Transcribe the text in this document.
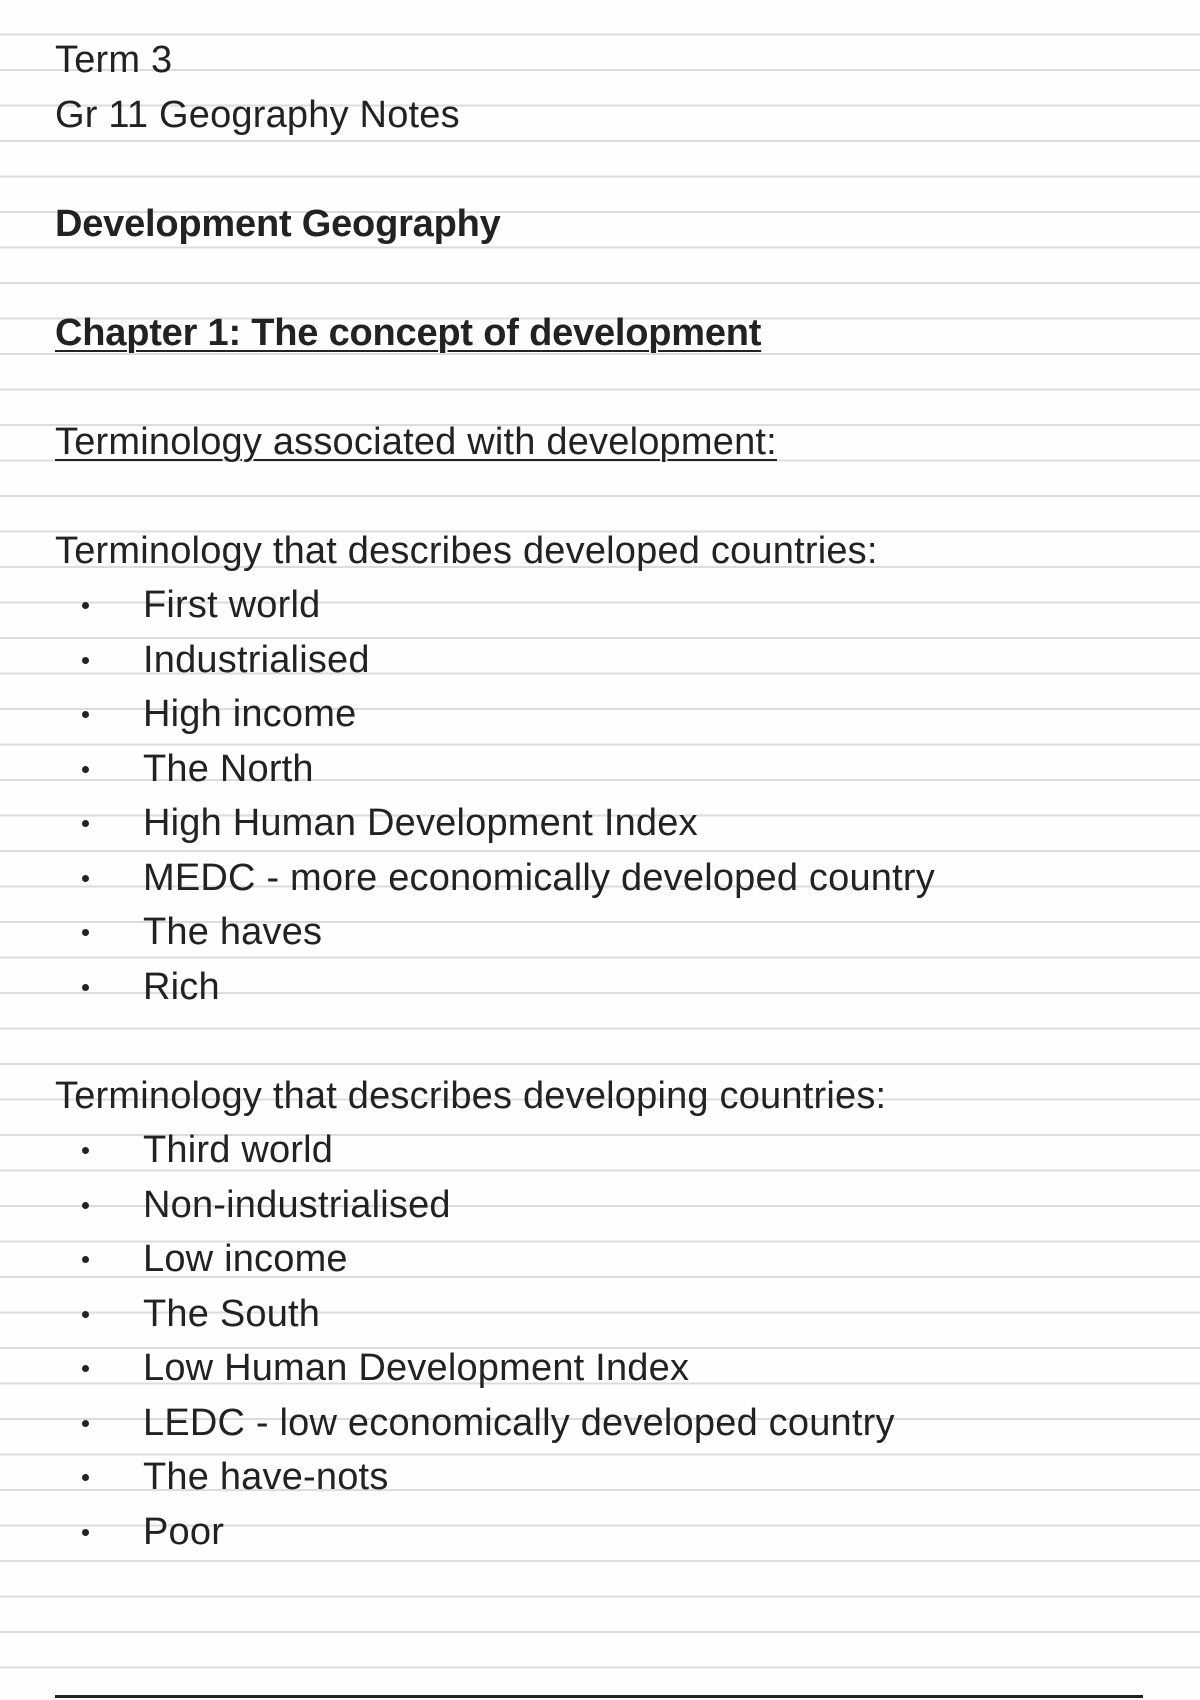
Term 3
Gr 11 Geography Notes
Development Geography
Chapter 1: The concept of development
Terminology associated with development:
Terminology that describes developed countries:
First world
Industrialised
High income
The North
High Human Development Index
MEDC - more economically developed country
The haves
Rich
Terminology that describes developing countries:
Third world
Non-industrialised
Low income
The South
Low Human Development Index
LEDC - low economically developed country
The have-nots
Poor
